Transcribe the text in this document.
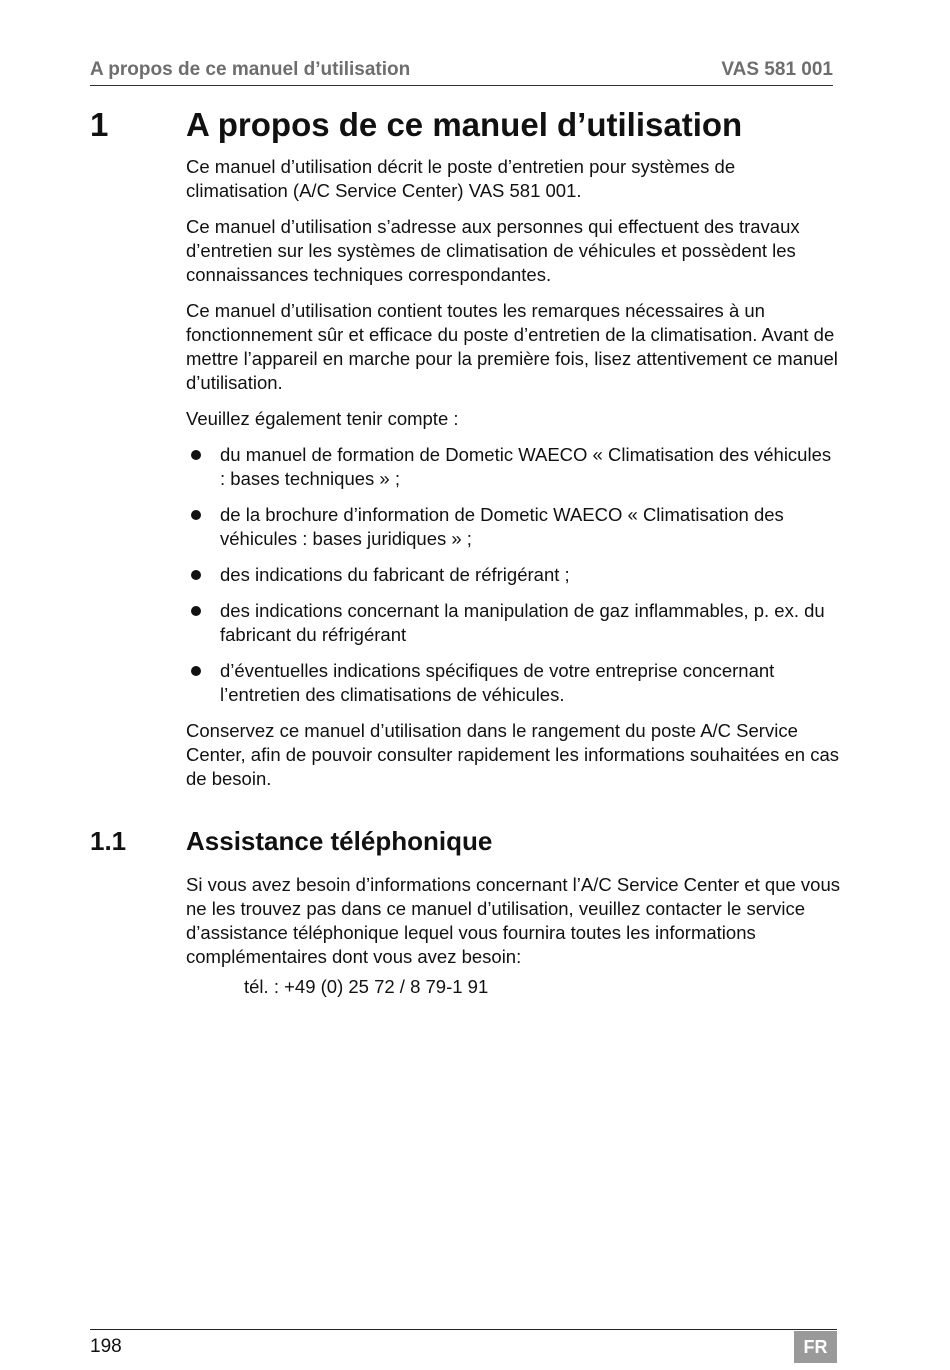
A propos de ce manuel d’utilisation	VAS 581 001
1 A propos de ce manuel d’utilisation

Ce manuel d’utilisation décrit le poste d’entretien pour systèmes de climatisation (A/C Service Center) VAS 581 001.

Ce manuel d’utilisation s’adresse aux personnes qui effectuent des travaux d’entretien sur les systèmes de climatisation de véhicules et possèdent les connaissances techniques correspondantes.

Ce manuel d’utilisation contient toutes les remarques nécessaires à un fonctionnement sûr et efficace du poste d’entretien de la climatisation. Avant de mettre l’appareil en marche pour la première fois, lisez attentivement ce manuel d’utilisation.

Veuillez également tenir compte :

du manuel de formation de Dometic WAECO « Climatisation des véhicules : bases techniques » ;
de la brochure d’information de Dometic WAECO « Climatisation des véhicules : bases juridiques » ;
des indications du fabricant de réfrigérant ;
des indications concernant la manipulation de gaz inflammables, p. ex. du fabricant du réfrigérant
d’éventuelles indications spécifiques de votre entreprise concernant l’entretien des climatisations de véhicules.

Conservez ce manuel d’utilisation dans le rangement du poste A/C Service Center, afin de pouvoir consulter rapidement les informations souhaitées en cas de besoin.

1.1 Assistance téléphonique

Si vous avez besoin d’informations concernant l’A/C Service Center et que vous ne les trouvez pas dans ce manuel d’utilisation, veuillez contacter le service d’assistance téléphonique lequel vous fournira toutes les informations complémentaires dont vous avez besoin:

tél. : +49 (0) 25 72 / 8 79-1 91

198	FR
